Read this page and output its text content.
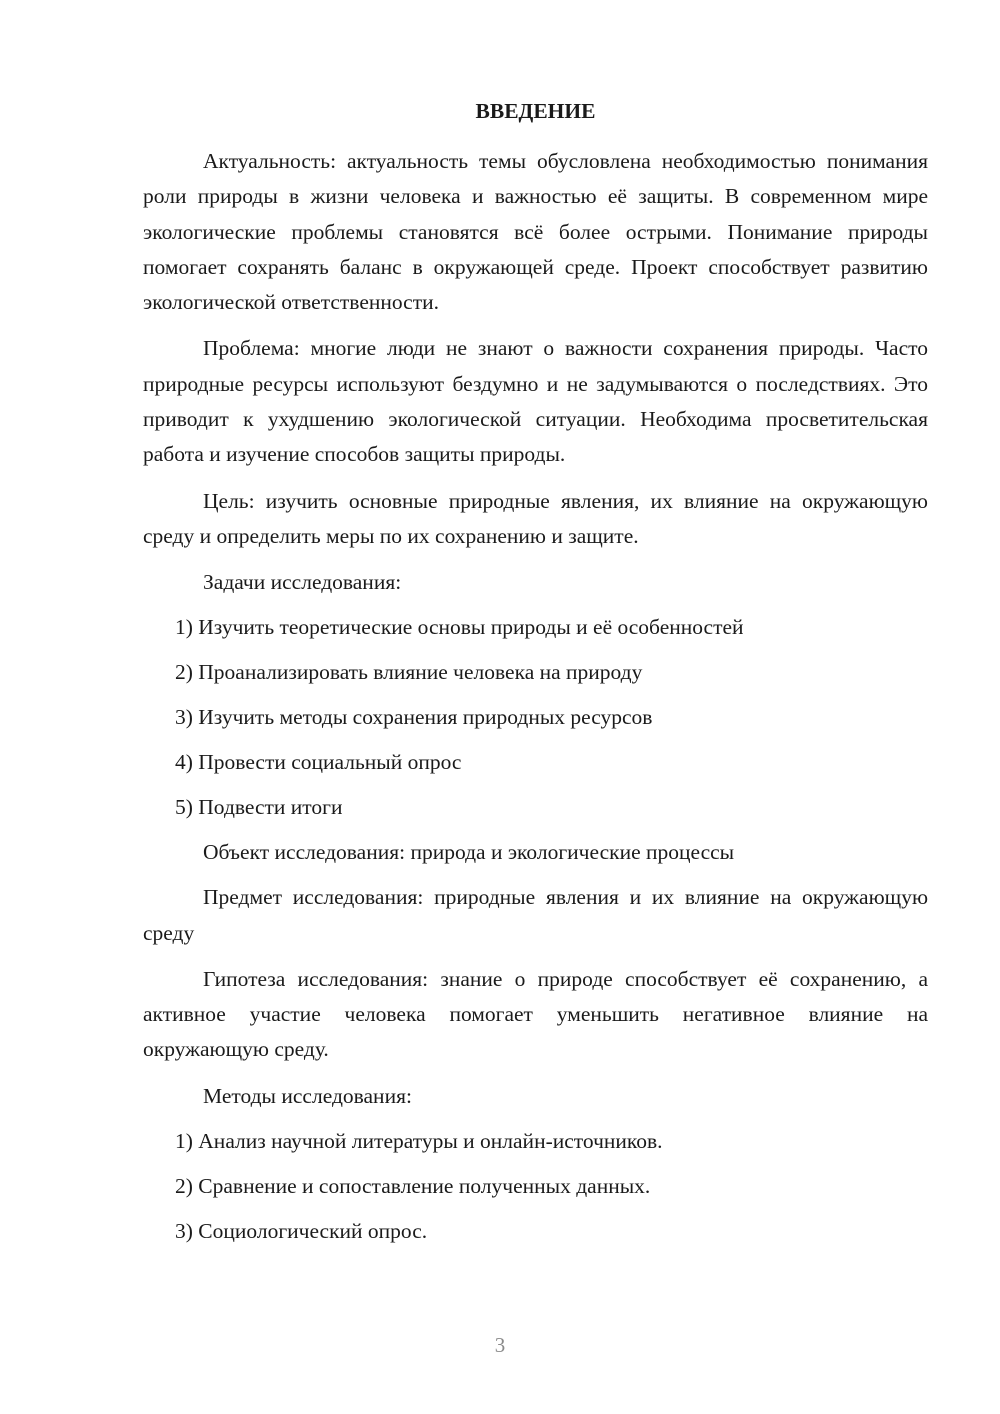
ВВЕДЕНИЕ

Актуальность: актуальность темы обусловлена необходимостью понимания роли природы в жизни человека и важностью её защиты. В современном мире экологические проблемы становятся всё более острыми. Понимание природы помогает сохранять баланс в окружающей среде. Проект способствует развитию экологической ответственности.

Проблема: многие люди не знают о важности сохранения природы. Часто природные ресурсы используют бездумно и не задумываются о последствиях. Это приводит к ухудшению экологической ситуации. Необходима просветительская работа и изучение способов защиты природы.

Цель: изучить основные природные явления, их влияние на окружающую среду и определить меры по их сохранению и защите.

Задачи исследования:

1) Изучить теоретические основы природы и её особенностей
2) Проанализировать влияние человека на природу
3) Изучить методы сохранения природных ресурсов
4) Провести социальный опрос
5) Подвести итоги

Объект исследования: природа и экологические процессы

Предмет исследования: природные явления и их влияние на окружающую среду

Гипотеза исследования: знание о природе способствует её сохранению, а активное участие человека помогает уменьшить негативное влияние на окружающую среду.

Методы исследования:

1) Анализ научной литературы и онлайн-источников.
2) Сравнение и сопоставление полученных данных.
3) Социологический опрос.
3
